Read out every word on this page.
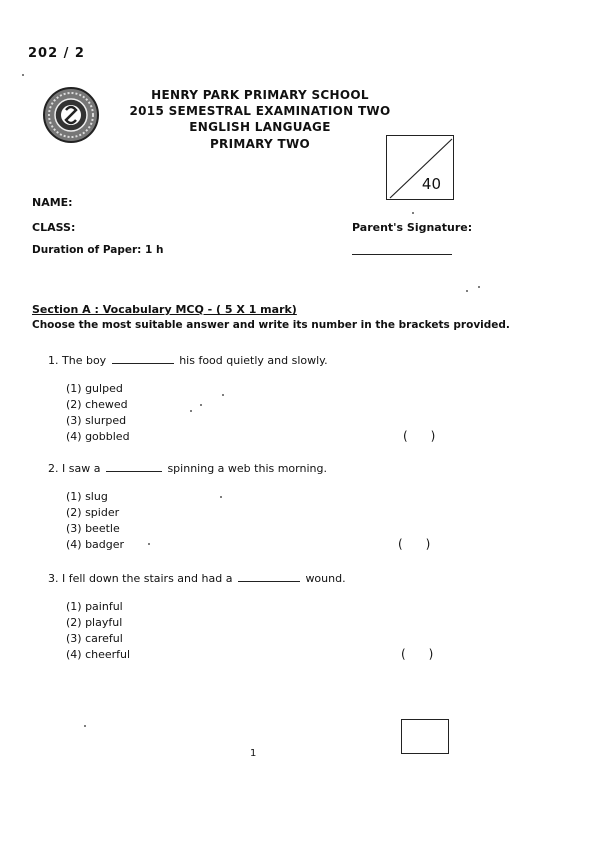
202 / 2
HENRY PARK PRIMARY SCHOOL
2015 SEMESTRAL EXAMINATION TWO
ENGLISH LANGUAGE
PRIMARY TWO
40
NAME:
CLASS:	Parent's Signature:
Duration of Paper: 1 h
Section A : Vocabulary MCQ - ( 5 X 1 mark)
Choose the most suitable answer and write its number in the brackets provided.
1. The boy	his food quietly and slowly.
(1) gulped
(2) chewed
(3) slurped
(4) gobbled	(      )
2. I saw a	spinning a web this morning.
(1) slug
(2) spider
(3) beetle
(4) badger	(      )
3. I fell down the stairs and had a	wound.
(1) painful
(2) playful
(3) careful
(4) cheerful	(      )
1
